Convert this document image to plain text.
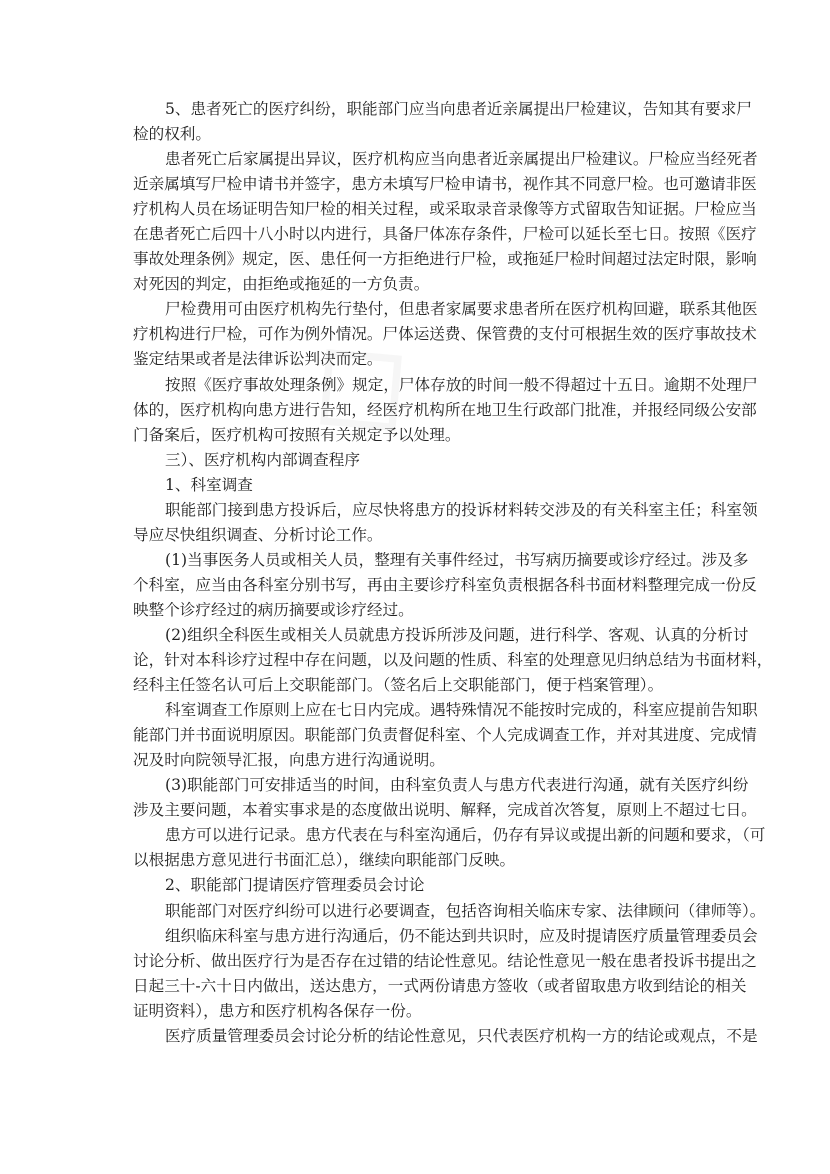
5、患者死亡的医疗纠纷，职能部门应当向患者近亲属提出尸检建议，告知其有要求尸
检的权利。
患者死亡后家属提出异议，医疗机构应当向患者近亲属提出尸检建议。尸检应当经死者
近亲属填写尸检申请书并签字，患方未填写尸检申请书，视作其不同意尸检。也可邀请非医
疗机构人员在场证明告知尸检的相关过程，或采取录音录像等方式留取告知证据。尸检应当
在患者死亡后四十八小时以内进行，具备尸体冻存条件，尸检可以延长至七日。按照《医疗
事故处理条例》规定，医、患任何一方拒绝进行尸检，或拖延尸检时间超过法定时限，影响
对死因的判定，由拒绝或拖延的一方负责。
尸检费用可由医疗机构先行垫付，但患者家属要求患者所在医疗机构回避，联系其他医
疗机构进行尸检，可作为例外情况。尸体运送费、保管费的支付可根据生效的医疗事故技术
鉴定结果或者是法律诉讼判决而定。
按照《医疗事故处理条例》规定，尸体存放的时间一般不得超过十五日。逾期不处理尸
体的，医疗机构向患方进行告知，经医疗机构所在地卫生行政部门批准，并报经同级公安部
门备案后，医疗机构可按照有关规定予以处理。
三）、医疗机构内部调查程序
1、科室调查
职能部门接到患方投诉后，应尽快将患方的投诉材料转交涉及的有关科室主任；科室领
导应尽快组织调查、分析讨论工作。
(1)当事医务人员或相关人员，整理有关事件经过，书写病历摘要或诊疗经过。涉及多
个科室，应当由各科室分别书写，再由主要诊疗科室负责根据各科书面材料整理完成一份反
映整个诊疗经过的病历摘要或诊疗经过。
(2)组织全科医生或相关人员就患方投诉所涉及问题，进行科学、客观、认真的分析讨
论，针对本科诊疗过程中存在问题，以及问题的性质、科室的处理意见归纳总结为书面材料，
经科主任签名认可后上交职能部门。（签名后上交职能部门，便于档案管理）。
科室调查工作原则上应在七日内完成。遇特殊情况不能按时完成的，科室应提前告知职
能部门并书面说明原因。职能部门负责督促科室、个人完成调查工作，并对其进度、完成情
况及时向院领导汇报，向患方进行沟通说明。
(3)职能部门可安排适当的时间，由科室负责人与患方代表进行沟通，就有关医疗纠纷
涉及主要问题，本着实事求是的态度做出说明、解释，完成首次答复，原则上不超过七日。
患方可以进行记录。患方代表在与科室沟通后，仍存有异议或提出新的问题和要求，（可
以根据患方意见进行书面汇总），继续向职能部门反映。
2、职能部门提请医疗管理委员会讨论
职能部门对医疗纠纷可以进行必要调查，包括咨询相关临床专家、法律顾问（律师等）。
组织临床科室与患方进行沟通后，仍不能达到共识时，应及时提请医疗质量管理委员会
讨论分析、做出医疗行为是否存在过错的结论性意见。结论性意见一般在患者投诉书提出之
日起三十-六十日内做出，送达患方，一式两份请患方签收（或者留取患方收到结论的相关
证明资料），患方和医疗机构各保存一份。
医疗质量管理委员会讨论分析的结论性意见，只代表医疗机构一方的结论或观点，不是
